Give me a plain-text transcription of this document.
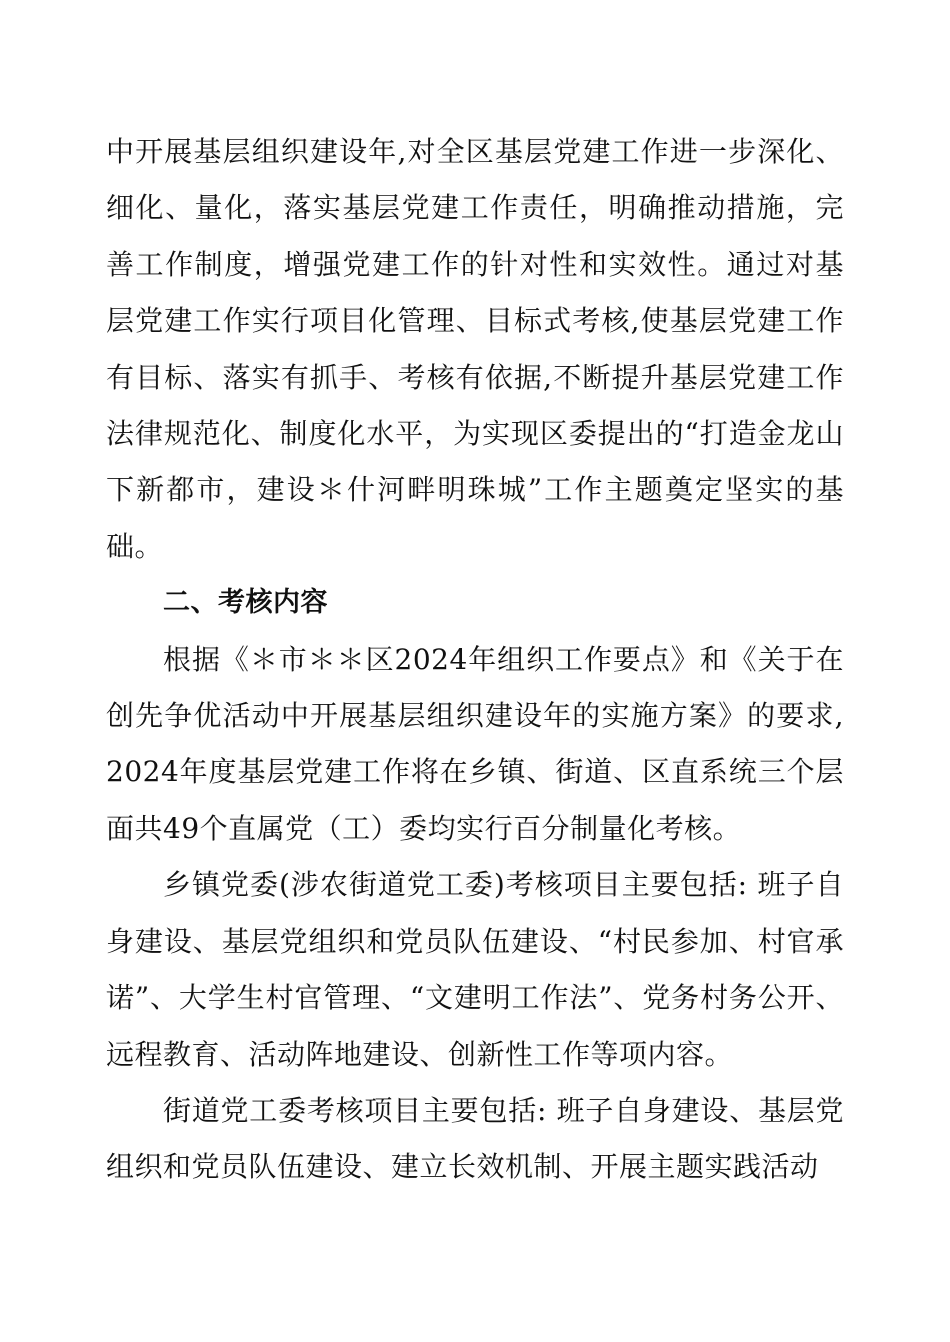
中开展基层组织建设年,对全区基层党建工作进一步深化、细化、量化，落实基层党建工作责任，明确推动措施，完善工作制度，增强党建工作的针对性和实效性。通过对基层党建工作实行项目化管理、目标式考核,使基层党建工作有目标、落实有抓手、考核有依据,不断提升基层党建工作法律规范化、制度化水平，为实现区委提出的“打造金龙山下新都市，建设＊什河畔明珠城”工作主题奠定坚实的基础。

二、考核内容

根据《＊市＊＊区2024年组织工作要点》和《关于在创先争优活动中开展基层组织建设年的实施方案》的要求,2024年度基层党建工作将在乡镇、街道、区直系统三个层面共49个直属党（工）委均实行百分制量化考核。

乡镇党委(涉农街道党工委)考核项目主要包括: 班子自身建设、基层党组织和党员队伍建设、“村民参加、村官承诺”、大学生村官管理、“文建明工作法”、党务村务公开、远程教育、活动阵地建设、创新性工作等项内容。

街道党工委考核项目主要包括: 班子自身建设、基层党组织和党员队伍建设、建立长效机制、开展主题实践活动
